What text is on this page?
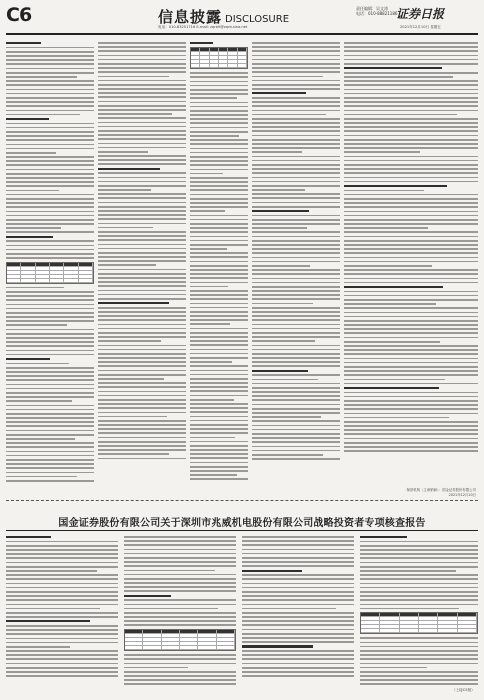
C6	信息披露 DISCLOSURE
责任编辑：吴文涛
电话：010-88821186
证券日报
电话：010-83251716 E-mail: zqrb9@zqrb.sina.net	2021年12月10日 星期五
保荐机构（主承销商）：国金证券股份有限公司
2021年12月10日
国金证券股份有限公司关于深圳市兆威机电股份有限公司战略投资者专项核查报告
（上接C5版）
